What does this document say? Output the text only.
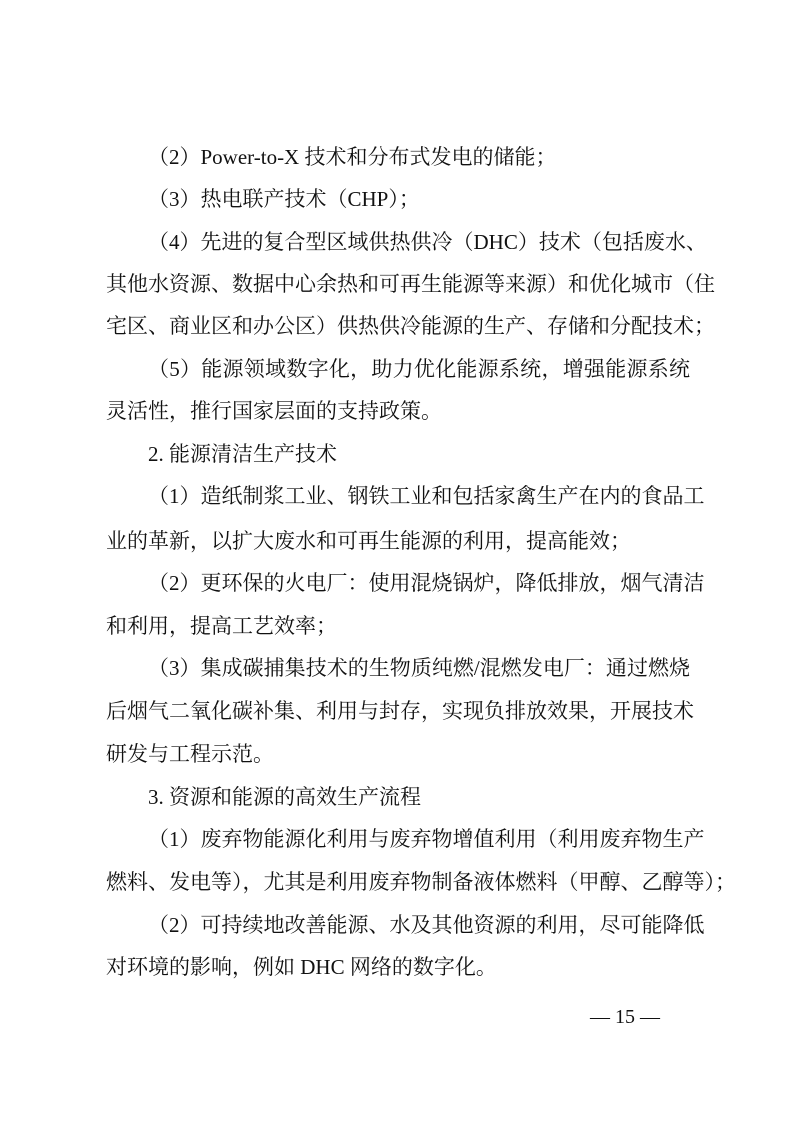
（2）Power-to-X 技术和分布式发电的储能；
（3）热电联产技术（CHP）；
（4）先进的复合型区域供热供冷（DHC）技术（包括废水、
其他水资源、数据中心余热和可再生能源等来源）和优化城市（住
宅区、商业区和办公区）供热供冷能源的生产、存储和分配技术；
（5）能源领域数字化，助力优化能源系统，增强能源系统
灵活性，推行国家层面的支持政策。
2. 能源清洁生产技术
（1）造纸制浆工业、钢铁工业和包括家禽生产在内的食品工
业的革新，以扩大废水和可再生能源的利用，提高能效；
（2）更环保的火电厂：使用混烧锅炉，降低排放，烟气清洁
和利用，提高工艺效率；
（3）集成碳捕集技术的生物质纯燃/混燃发电厂：通过燃烧
后烟气二氧化碳补集、利用与封存，实现负排放效果，开展技术
研发与工程示范。
3. 资源和能源的高效生产流程
（1）废弃物能源化利用与废弃物增值利用（利用废弃物生产
燃料、发电等），尤其是利用废弃物制备液体燃料（甲醇、乙醇等）；
（2）可持续地改善能源、水及其他资源的利用，尽可能降低
对环境的影响，例如 DHC 网络的数字化。
— 15 —
